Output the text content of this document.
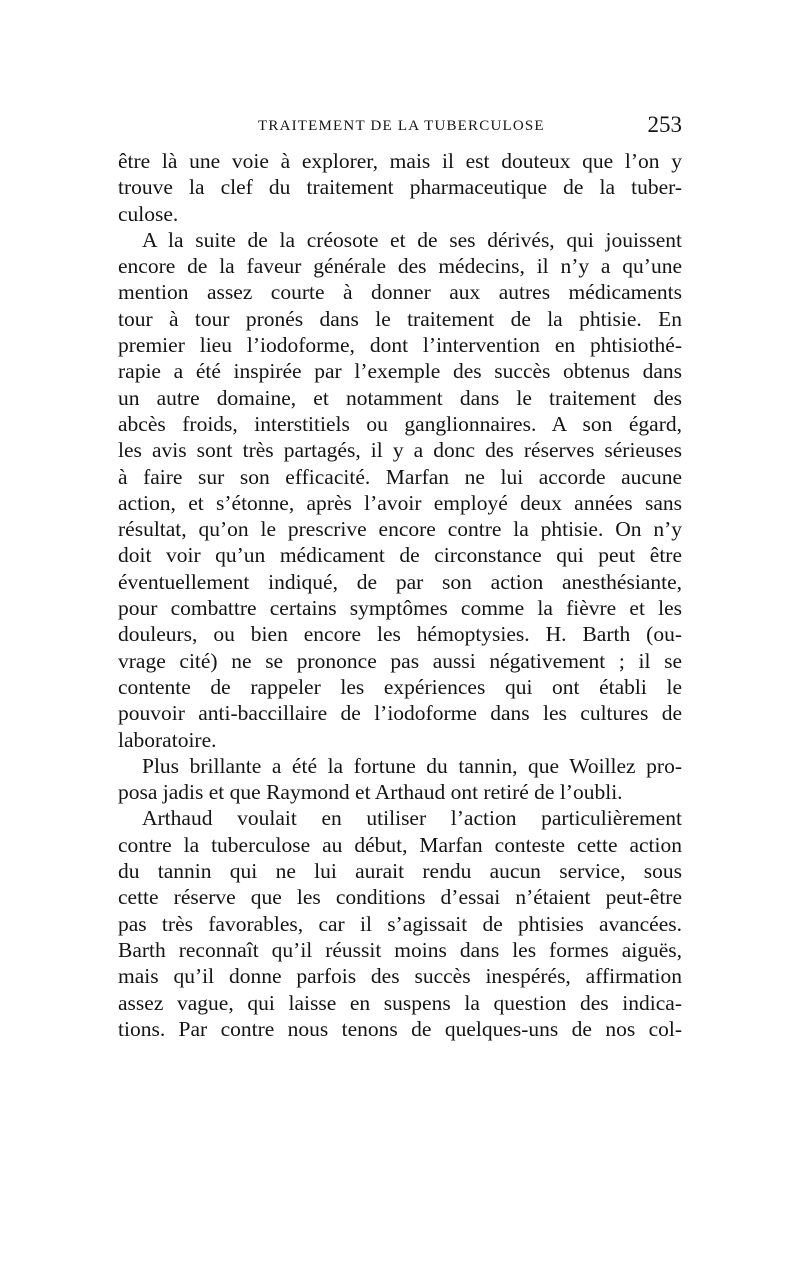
TRAITEMENT DE LA TUBERCULOSE	253
être là une voie à explorer, mais il est douteux que l’on y
trouve la clef du traitement pharmaceutique de la tuber-
culose.
A la suite de la créosote et de ses dérivés, qui jouissent
encore de la faveur générale des médecins, il n’y a qu’une
mention assez courte à donner aux autres médicaments
tour à tour pronés dans le traitement de la phtisie. En
premier lieu l’iodoforme, dont l’intervention en phtisiothé-
rapie a été inspirée par l’exemple des succès obtenus dans
un autre domaine, et notamment dans le traitement des
abcès froids, interstitiels ou ganglionnaires. A son égard,
les avis sont très partagés, il y a donc des réserves sérieuses
à faire sur son efficacité. Marfan ne lui accorde aucune
action, et s’étonne, après l’avoir employé deux années sans
résultat, qu’on le prescrive encore contre la phtisie. On n’y
doit voir qu’un médicament de circonstance qui peut être
éventuellement indiqué, de par son action anesthésiante,
pour combattre certains symptômes comme la fièvre et les
douleurs, ou bien encore les hémoptysies. H. Barth (ou-
vrage cité) ne se prononce pas aussi négativement ; il se
contente de rappeler les expériences qui ont établi le
pouvoir anti-baccillaire de l’iodoforme dans les cultures de
laboratoire.
Plus brillante a été la fortune du tannin, que Woillez pro-
posa jadis et que Raymond et Arthaud ont retiré de l’oubli.
Arthaud voulait en utiliser l’action particulièrement
contre la tuberculose au début, Marfan conteste cette action
du tannin qui ne lui aurait rendu aucun service, sous
cette réserve que les conditions d’essai n’étaient peut-être
pas très favorables, car il s’agissait de phtisies avancées.
Barth reconnaît qu’il réussit moins dans les formes aiguës,
mais qu’il donne parfois des succès inespérés, affirmation
assez vague, qui laisse en suspens la question des indica-
tions. Par contre nous tenons de quelques-uns de nos col-
